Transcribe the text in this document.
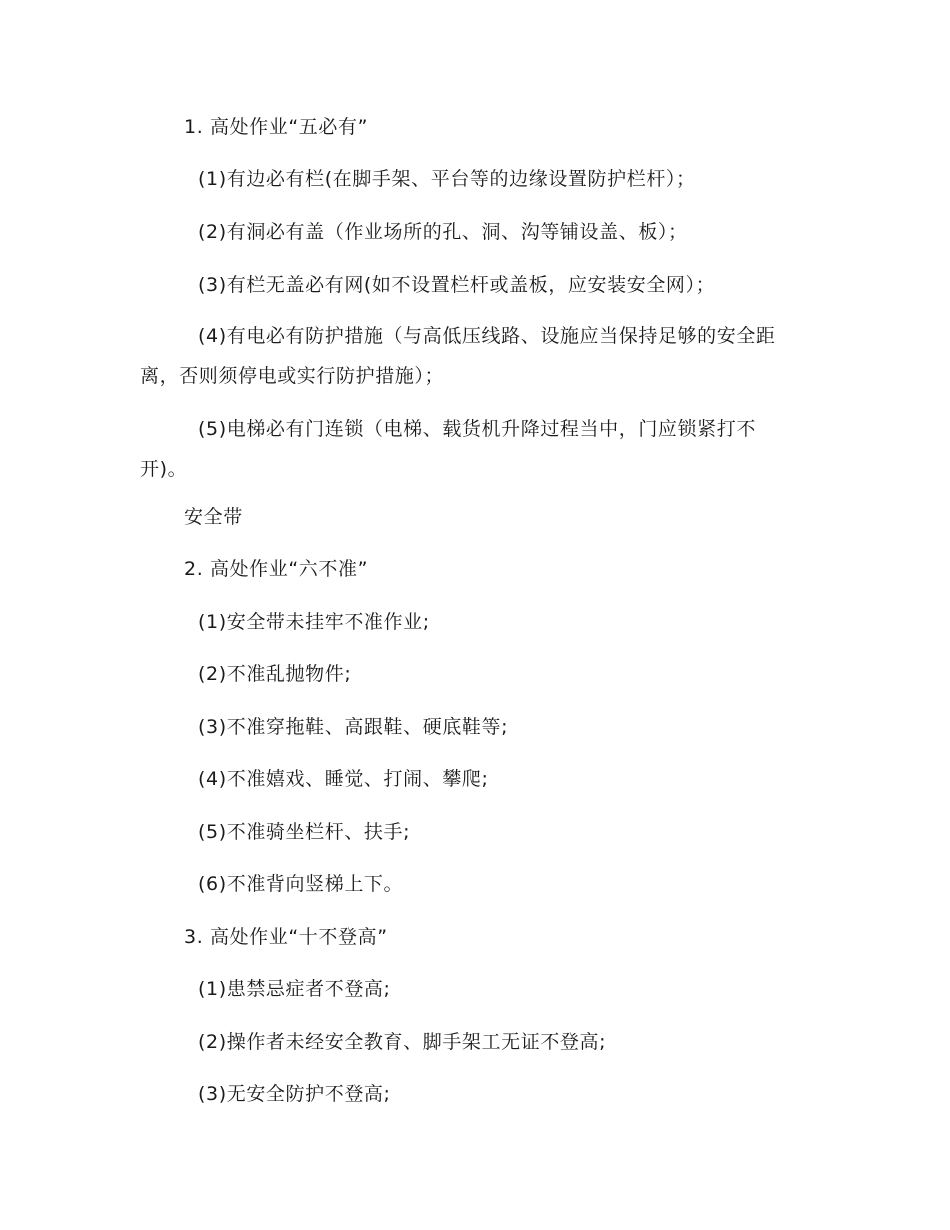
1. 高处作业“五必有”
(1)有边必有栏(在脚手架、平台等的边缘设置防护栏杆）；
(2)有洞必有盖（作业场所的孔、洞、沟等铺设盖、板）；
(3)有栏无盖必有网(如不设置栏杆或盖板，应安装安全网）；
(4)有电必有防护措施（与高低压线路、设施应当保持足够的安全距离，否则须停电或实行防护措施）；
(5)电梯必有门连锁（电梯、载货机升降过程当中，门应锁紧打不开)。
安全带
2. 高处作业“六不准”
(1)安全带未挂牢不准作业;
(2)不准乱抛物件;
(3)不准穿拖鞋、高跟鞋、硬底鞋等;
(4)不准嬉戏、睡觉、打闹、攀爬;
(5)不准骑坐栏杆、扶手;
(6)不准背向竖梯上下。
3. 高处作业“十不登高”
(1)患禁忌症者不登高;
(2)操作者未经安全教育、脚手架工无证不登高;
(3)无安全防护不登高;
